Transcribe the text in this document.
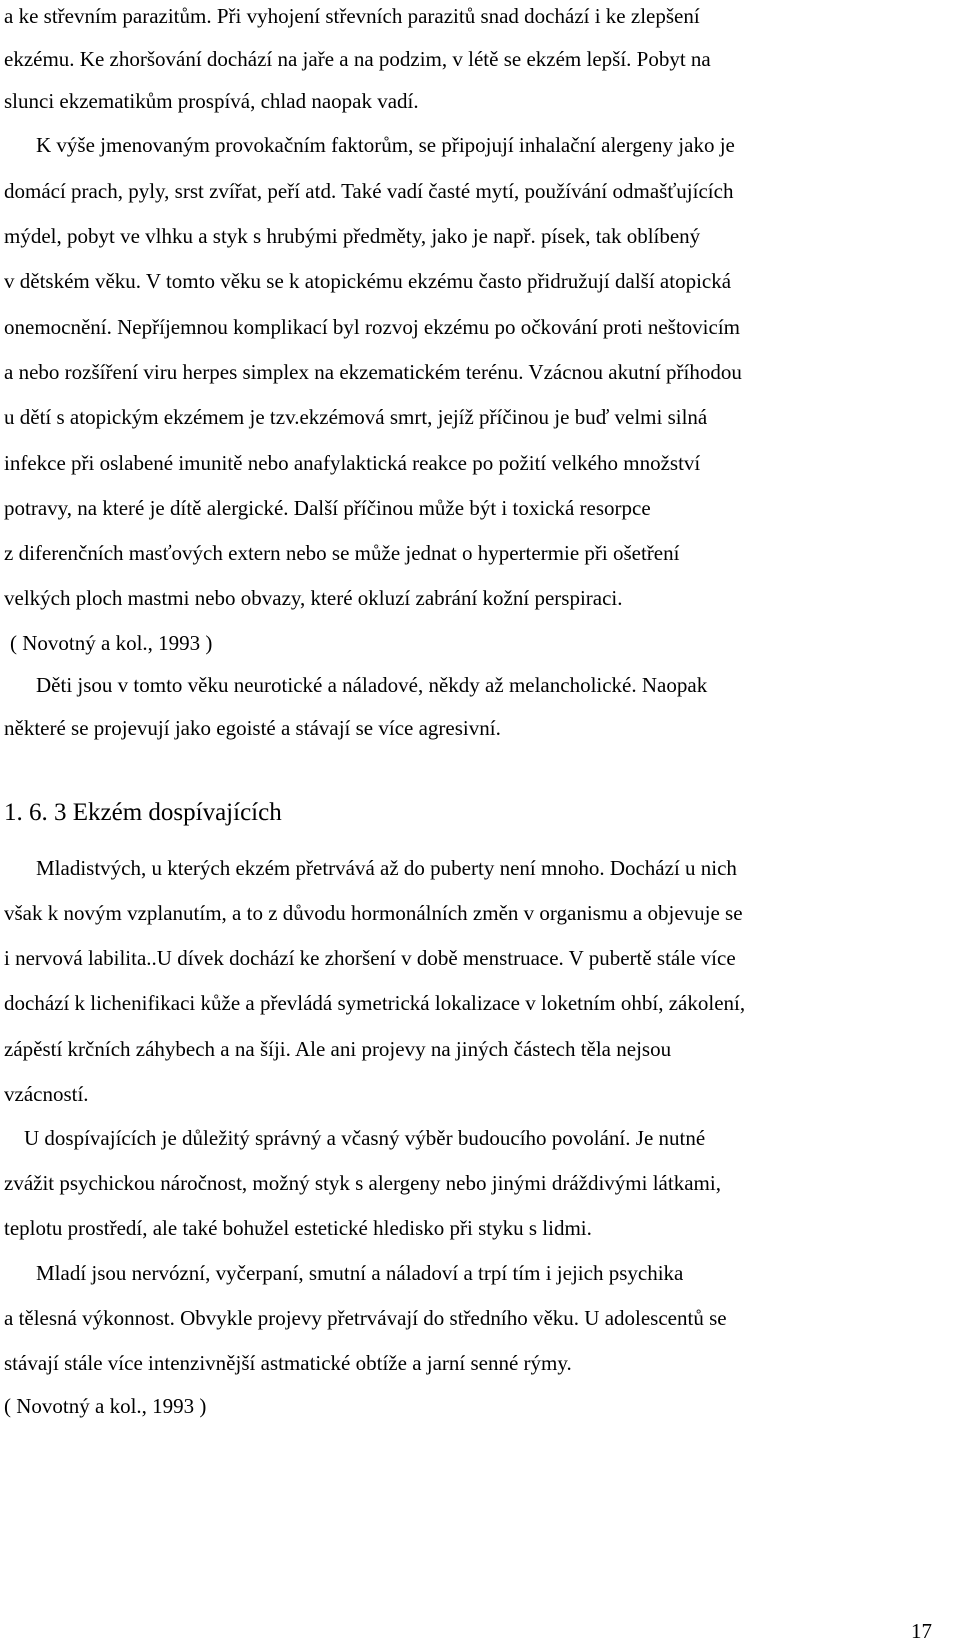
a ke střevním parazitům. Při vyhojení střevních parazitů snad dochází i ke zlepšení

ekzému. Ke zhoršování dochází na jaře a na podzim, v létě se ekzém lepší. Pobyt na

slunci ekzematikům prospívá, chlad naopak vadí.

K výše jmenovaným provokačním faktorům, se připojují inhalační alergeny jako je

domácí prach, pyly, srst zvířat, peří atd. Také vadí časté mytí, používání odmašťujících

mýdel, pobyt ve vlhku a styk s hrubými předměty, jako je např. písek, tak oblíbený

v dětském věku. V tomto věku se k atopickému ekzému často přidružují další atopická

onemocnění. Nepříjemnou komplikací byl rozvoj ekzému po očkování proti neštovicím

a nebo rozšíření viru herpes simplex na ekzematickém terénu. Vzácnou akutní příhodou

u dětí s atopickým ekzémem je tzv.ekzémová smrt, jejíž příčinou je buď velmi silná

infekce při oslabené imunitě nebo anafylaktická reakce po požití velkého množství

potravy, na které je dítě alergické. Další příčinou může být i toxická resorpce

z diferenčních masťových extern nebo se může jednat o hypertermie při ošetření

velkých ploch mastmi nebo obvazy, které okluzí zabrání kožní perspiraci.

( Novotný a kol., 1993 )

Děti jsou v tomto věku neurotické a náladové, někdy až melancholické. Naopak

některé se projevují jako egoisté a stávají se více agresivní.

1. 6. 3 Ekzém dospívajících

Mladistvých, u kterých ekzém přetrvává až do puberty není mnoho. Dochází u nich

však k novým vzplanutím, a to z důvodu hormonálních změn v organismu a objevuje se

i nervová labilita..U dívek dochází ke zhoršení v době menstruace. V pubertě stále více

dochází k lichenifikaci kůže a převládá symetrická lokalizace v loketním ohbí, zákolení,

zápěstí krčních záhybech a na šíji. Ale ani projevy na jiných částech těla nejsou

vzácností.

U dospívajících je důležitý správný a včasný výběr budoucího povolání. Je nutné

zvážit psychickou náročnost, možný styk s alergeny nebo jinými dráždivými látkami,

teplotu prostředí, ale také bohužel estetické hledisko při styku s lidmi.

Mladí jsou nervózní, vyčerpaní, smutní a náladoví a trpí tím i jejich psychika

a tělesná výkonnost. Obvykle projevy přetrvávají do středního věku. U adolescentů se

stávají stále více intenzivnější astmatické obtíže a jarní senné rýmy.

( Novotný a kol., 1993 )

17
